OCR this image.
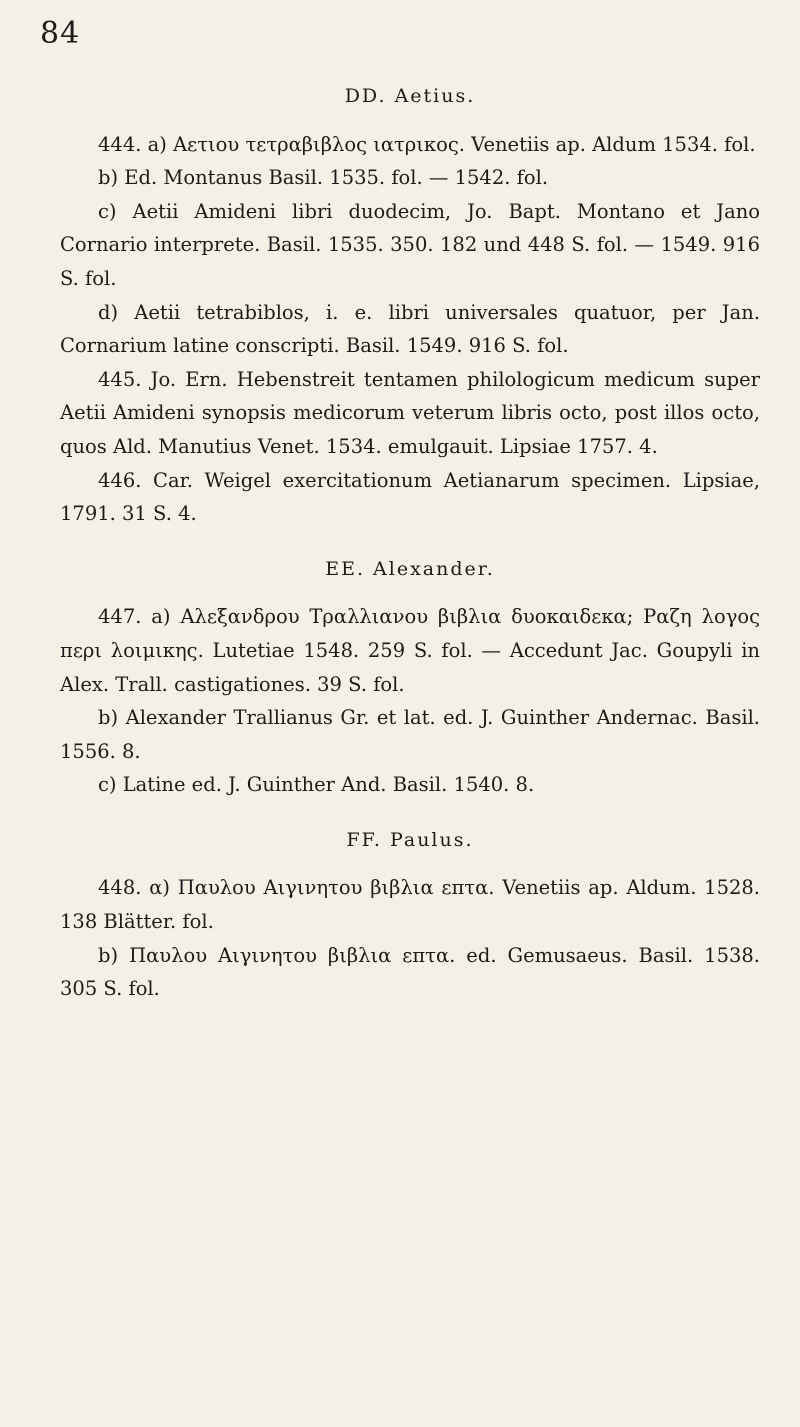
84
DD. Aetius.

444. a) Αετιου τετραβιβλος ιατρικος. Venetiis ap. Aldum 1534. fol.

b) Ed. Montanus Basil. 1535. fol. — 1542. fol.

c) Aetii Amideni libri duodecim, Jo. Bapt. Montano et Jano Cornario interprete. Basil. 1535. 350. 182 und 448 S. fol. — 1549. 916 S. fol.

d) Aetii tetrabiblos, i. e. libri universales quatuor, per Jan. Cornarium latine conscripti. Basil. 1549. 916 S. fol.

445. Jo. Ern. Hebenstreit tentamen philologicum medicum super Aetii Amideni synopsis medicorum veterum libris octo, post illos octo, quos Ald. Manutius Venet. 1534. emulgauit. Lipsiae 1757. 4.

446. Car. Weigel exercitationum Aetianarum specimen. Lipsiae, 1791. 31 S. 4.

EE. Alexander.

447. a) Αλεξανδρου Τραλλιανου βιβλια δυοκαιδεκα; Ραζη λογος περι λοιμικης. Lutetiae 1548. 259 S. fol. — Accedunt Jac. Goupyli in Alex. Trall. castigationes. 39 S. fol.

b) Alexander Trallianus Gr. et lat. ed. J. Guinther Andernac. Basil. 1556. 8.

c) Latine ed. J. Guinther And. Basil. 1540. 8.

FF. Paulus.

448. α) Παυλου Αιγινητου βιβλια επτα. Venetiis ap. Aldum. 1528. 138 Blätter. fol.

b) Παυλου Αιγινητου βιβλια επτα. ed. Gemusaeus. Basil. 1538. 305 S. fol.
